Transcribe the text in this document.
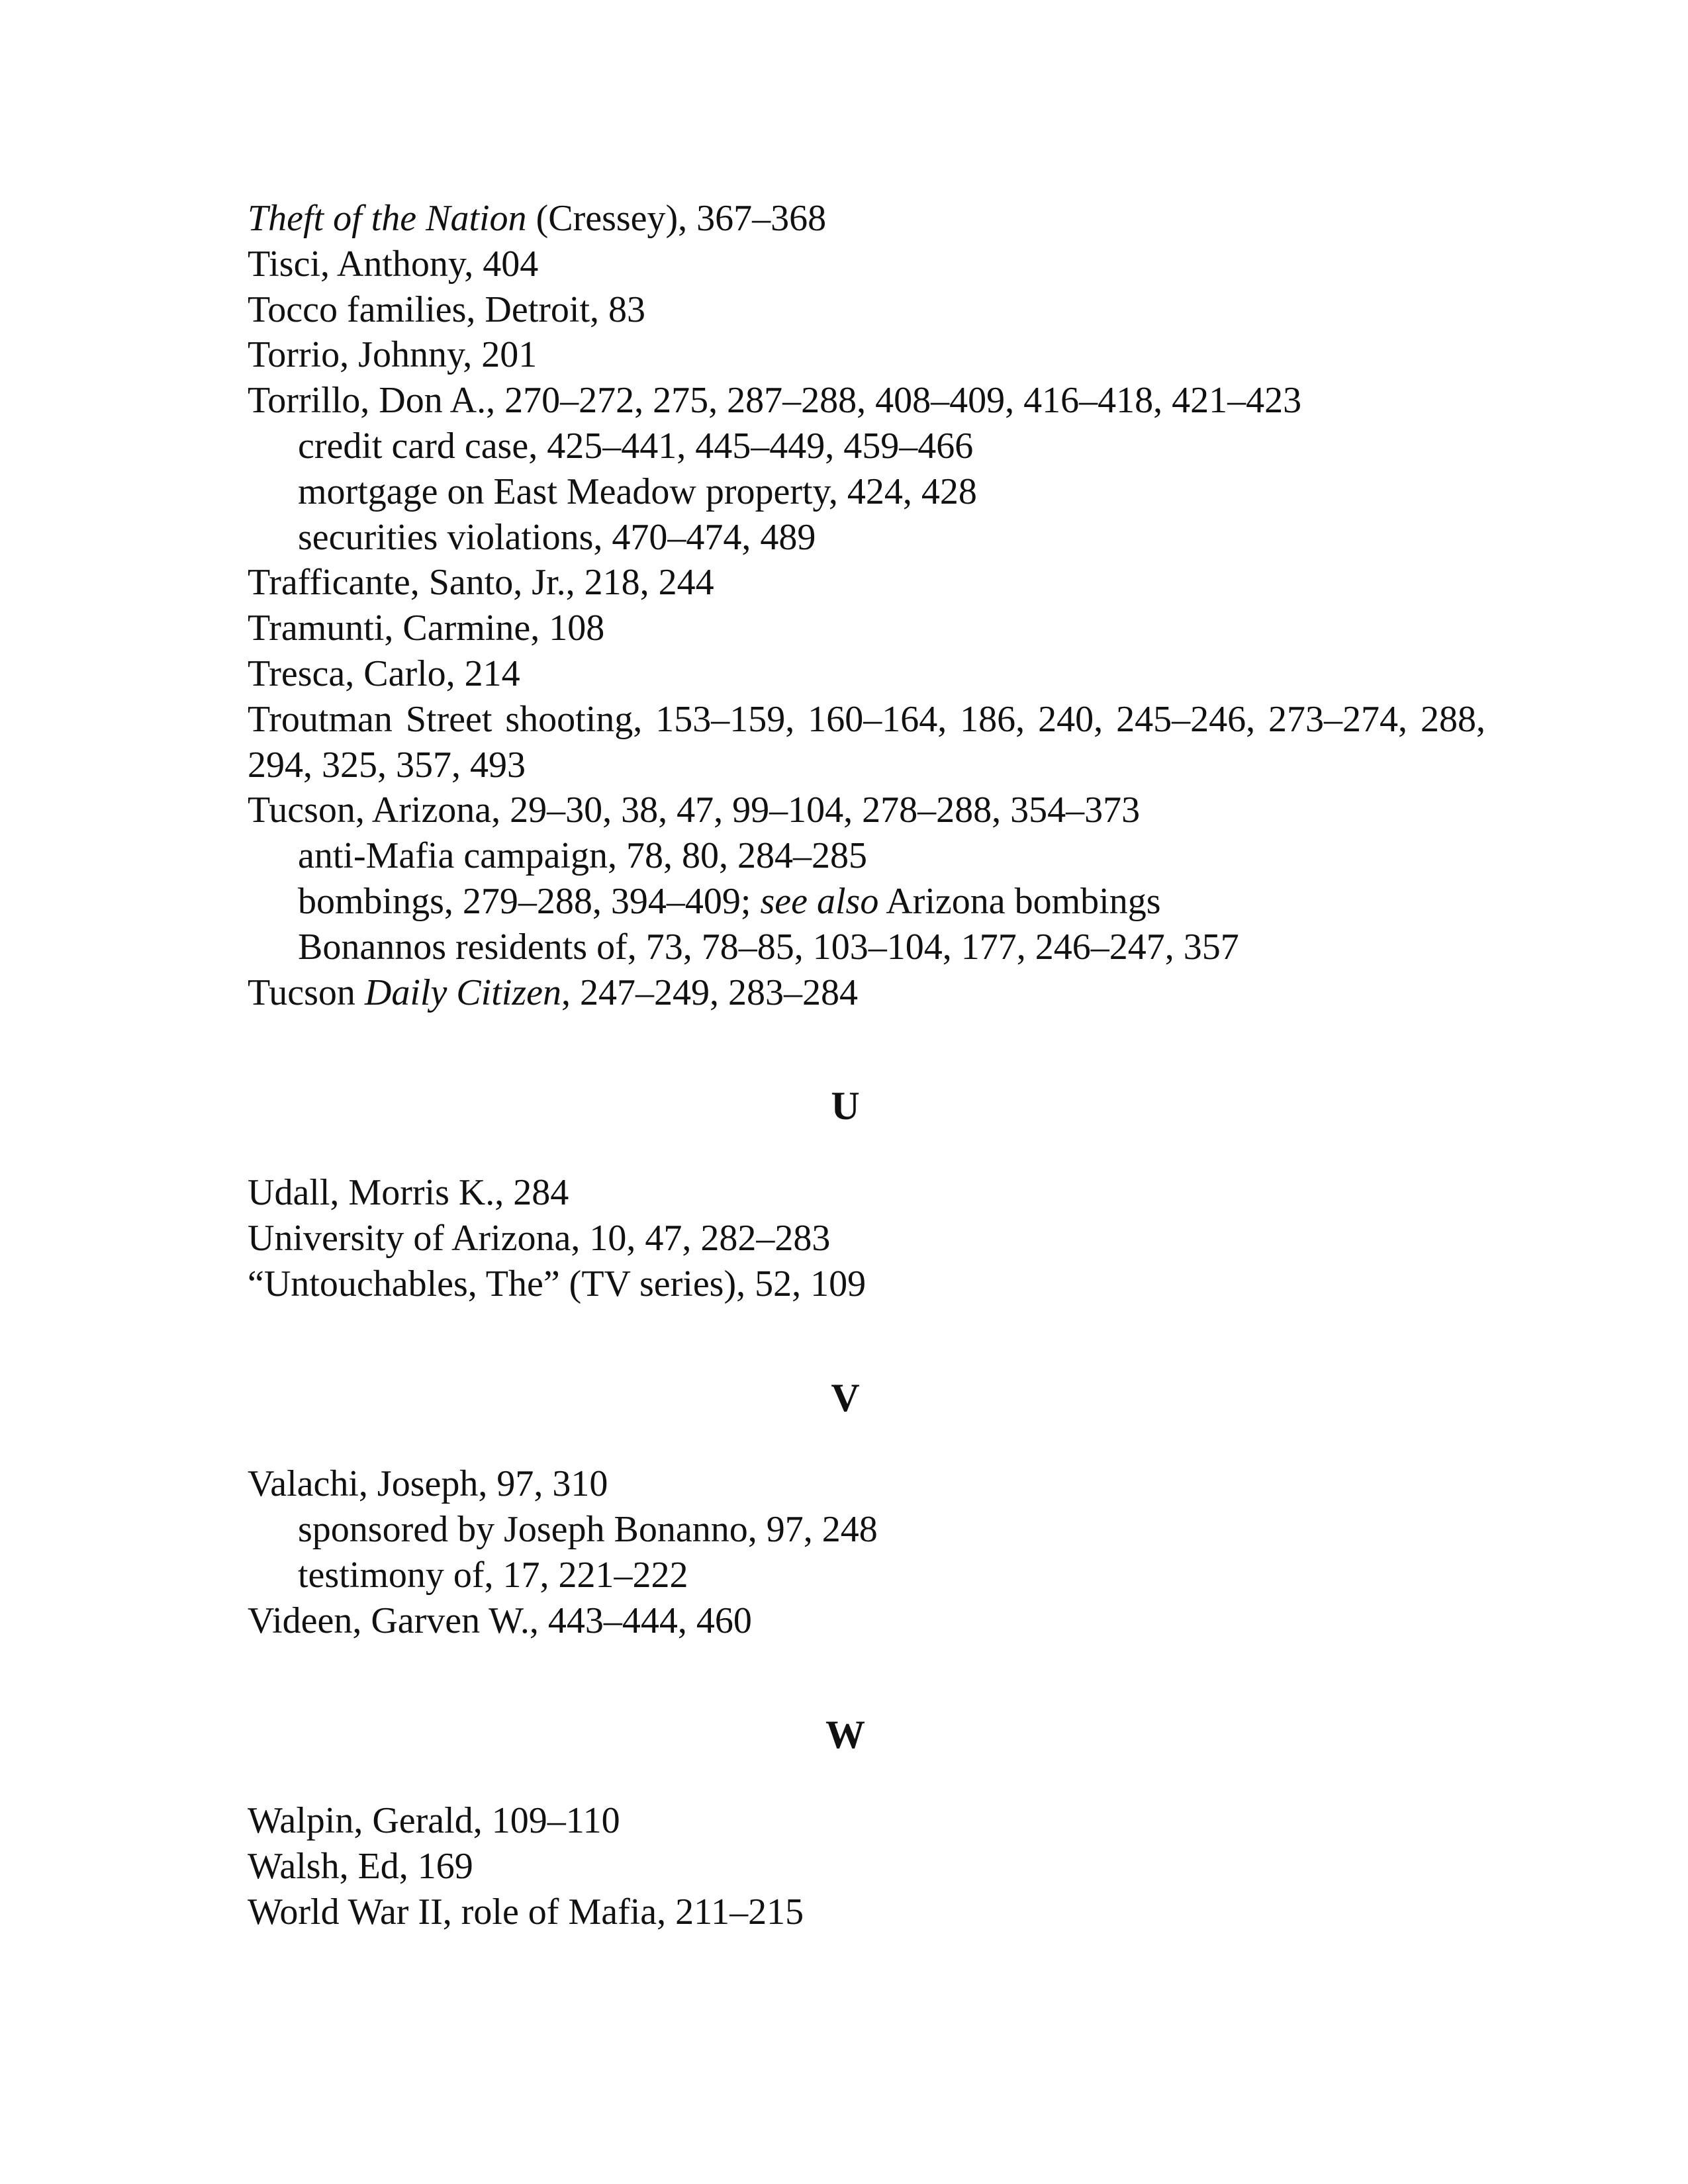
Theft of the Nation (Cressey), 367–368
Tisci, Anthony, 404
Tocco families, Detroit, 83
Torrio, Johnny, 201
Torrillo, Don A., 270–272, 275, 287–288, 408–409, 416–418, 421–423
credit card case, 425–441, 445–449, 459–466
mortgage on East Meadow property, 424, 428
securities violations, 470–474, 489
Trafficante, Santo, Jr., 218, 244
Tramunti, Carmine, 108
Tresca, Carlo, 214
Troutman Street shooting, 153–159, 160–164, 186, 240, 245–246, 273–274, 288, 294, 325, 357, 493
Tucson, Arizona, 29–30, 38, 47, 99–104, 278–288, 354–373
anti-Mafia campaign, 78, 80, 284–285
bombings, 279–288, 394–409; see also Arizona bombings
Bonannos residents of, 73, 78–85, 103–104, 177, 246–247, 357
Tucson Daily Citizen, 247–249, 283–284
U
Udall, Morris K., 284
University of Arizona, 10, 47, 282–283
“Untouchables, The” (TV series), 52, 109
V
Valachi, Joseph, 97, 310
sponsored by Joseph Bonanno, 97, 248
testimony of, 17, 221–222
Videen, Garven W., 443–444, 460
W
Walpin, Gerald, 109–110
Walsh, Ed, 169
World War II, role of Mafia, 211–215
